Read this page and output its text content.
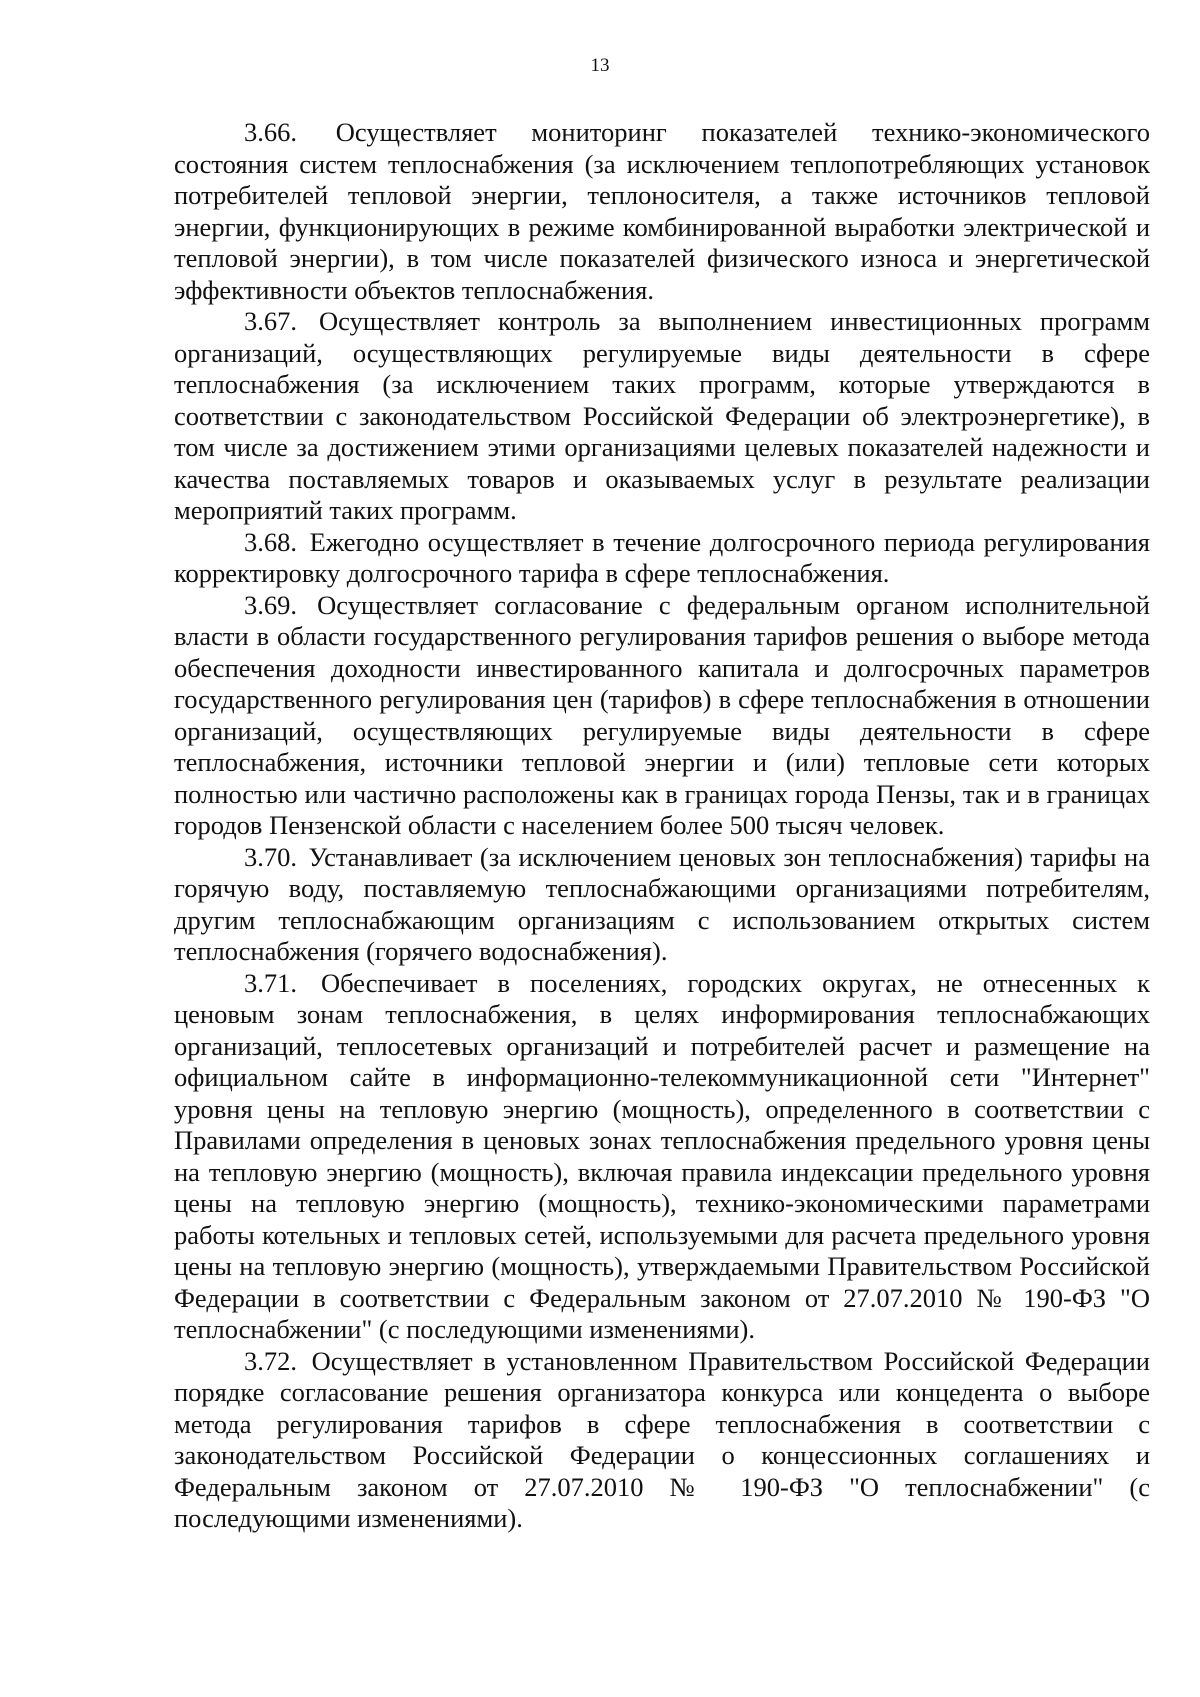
13

3.66. Осуществляет мониторинг показателей технико-экономического состояния систем теплоснабжения (за исключением теплопотребляющих установок потребителей тепловой энергии, теплоносителя, а также источников тепловой энергии, функционирующих в режиме комбинированной выработки электрической и тепловой энергии), в том числе показателей физического износа и энергетической эффективности объектов теплоснабжения.

3.67. Осуществляет контроль за выполнением инвестиционных программ организаций, осуществляющих регулируемые виды деятельности в сфере теплоснабжения (за исключением таких программ, которые утверждаются в соответствии с законодательством Российской Федерации об электроэнергетике), в том числе за достижением этими организациями целевых показателей надежности и качества поставляемых товаров и оказываемых услуг в результате реализации мероприятий таких программ.

3.68. Ежегодно осуществляет в течение долгосрочного периода регулирования корректировку долгосрочного тарифа в сфере теплоснабжения.

3.69. Осуществляет согласование с федеральным органом исполнительной власти в области государственного регулирования тарифов решения о выборе метода обеспечения доходности инвестированного капитала и долгосрочных параметров государственного регулирования цен (тарифов) в сфере теплоснабжения в отношении организаций, осуществляющих регулируемые виды деятельности в сфере теплоснабжения, источники тепловой энергии и (или) тепловые сети которых полностью или частично расположены как в границах города Пензы, так и в границах городов Пензенской области с населением более 500 тысяч человек.

3.70. Устанавливает (за исключением ценовых зон теплоснабжения) тарифы на горячую воду, поставляемую теплоснабжающими организациями потребителям, другим теплоснабжающим организациям с использованием открытых систем теплоснабжения (горячего водоснабжения).

3.71. Обеспечивает в поселениях, городских округах, не отнесенных к ценовым зонам теплоснабжения, в целях информирования теплоснабжающих организаций, теплосетевых организаций и потребителей расчет и размещение на официальном сайте в информационно-телекоммуникационной сети "Интернет" уровня цены на тепловую энергию (мощность), определенного в соответствии с Правилами определения в ценовых зонах теплоснабжения предельного уровня цены на тепловую энергию (мощность), включая правила индексации предельного уровня цены на тепловую энергию (мощность), технико-экономическими параметрами работы котельных и тепловых сетей, используемыми для расчета предельного уровня цены на тепловую энергию (мощность), утверждаемыми Правительством Российской Федерации в соответствии с Федеральным законом от 27.07.2010 № 190-ФЗ "О теплоснабжении" (с последующими изменениями).

3.72. Осуществляет в установленном Правительством Российской Федерации порядке согласование решения организатора конкурса или концедента о выборе метода регулирования тарифов в сфере теплоснабжения в соответствии с законодательством Российской Федерации о концессионных соглашениях и Федеральным законом от 27.07.2010 № 190-ФЗ "О теплоснабжении" (с последующими изменениями).
